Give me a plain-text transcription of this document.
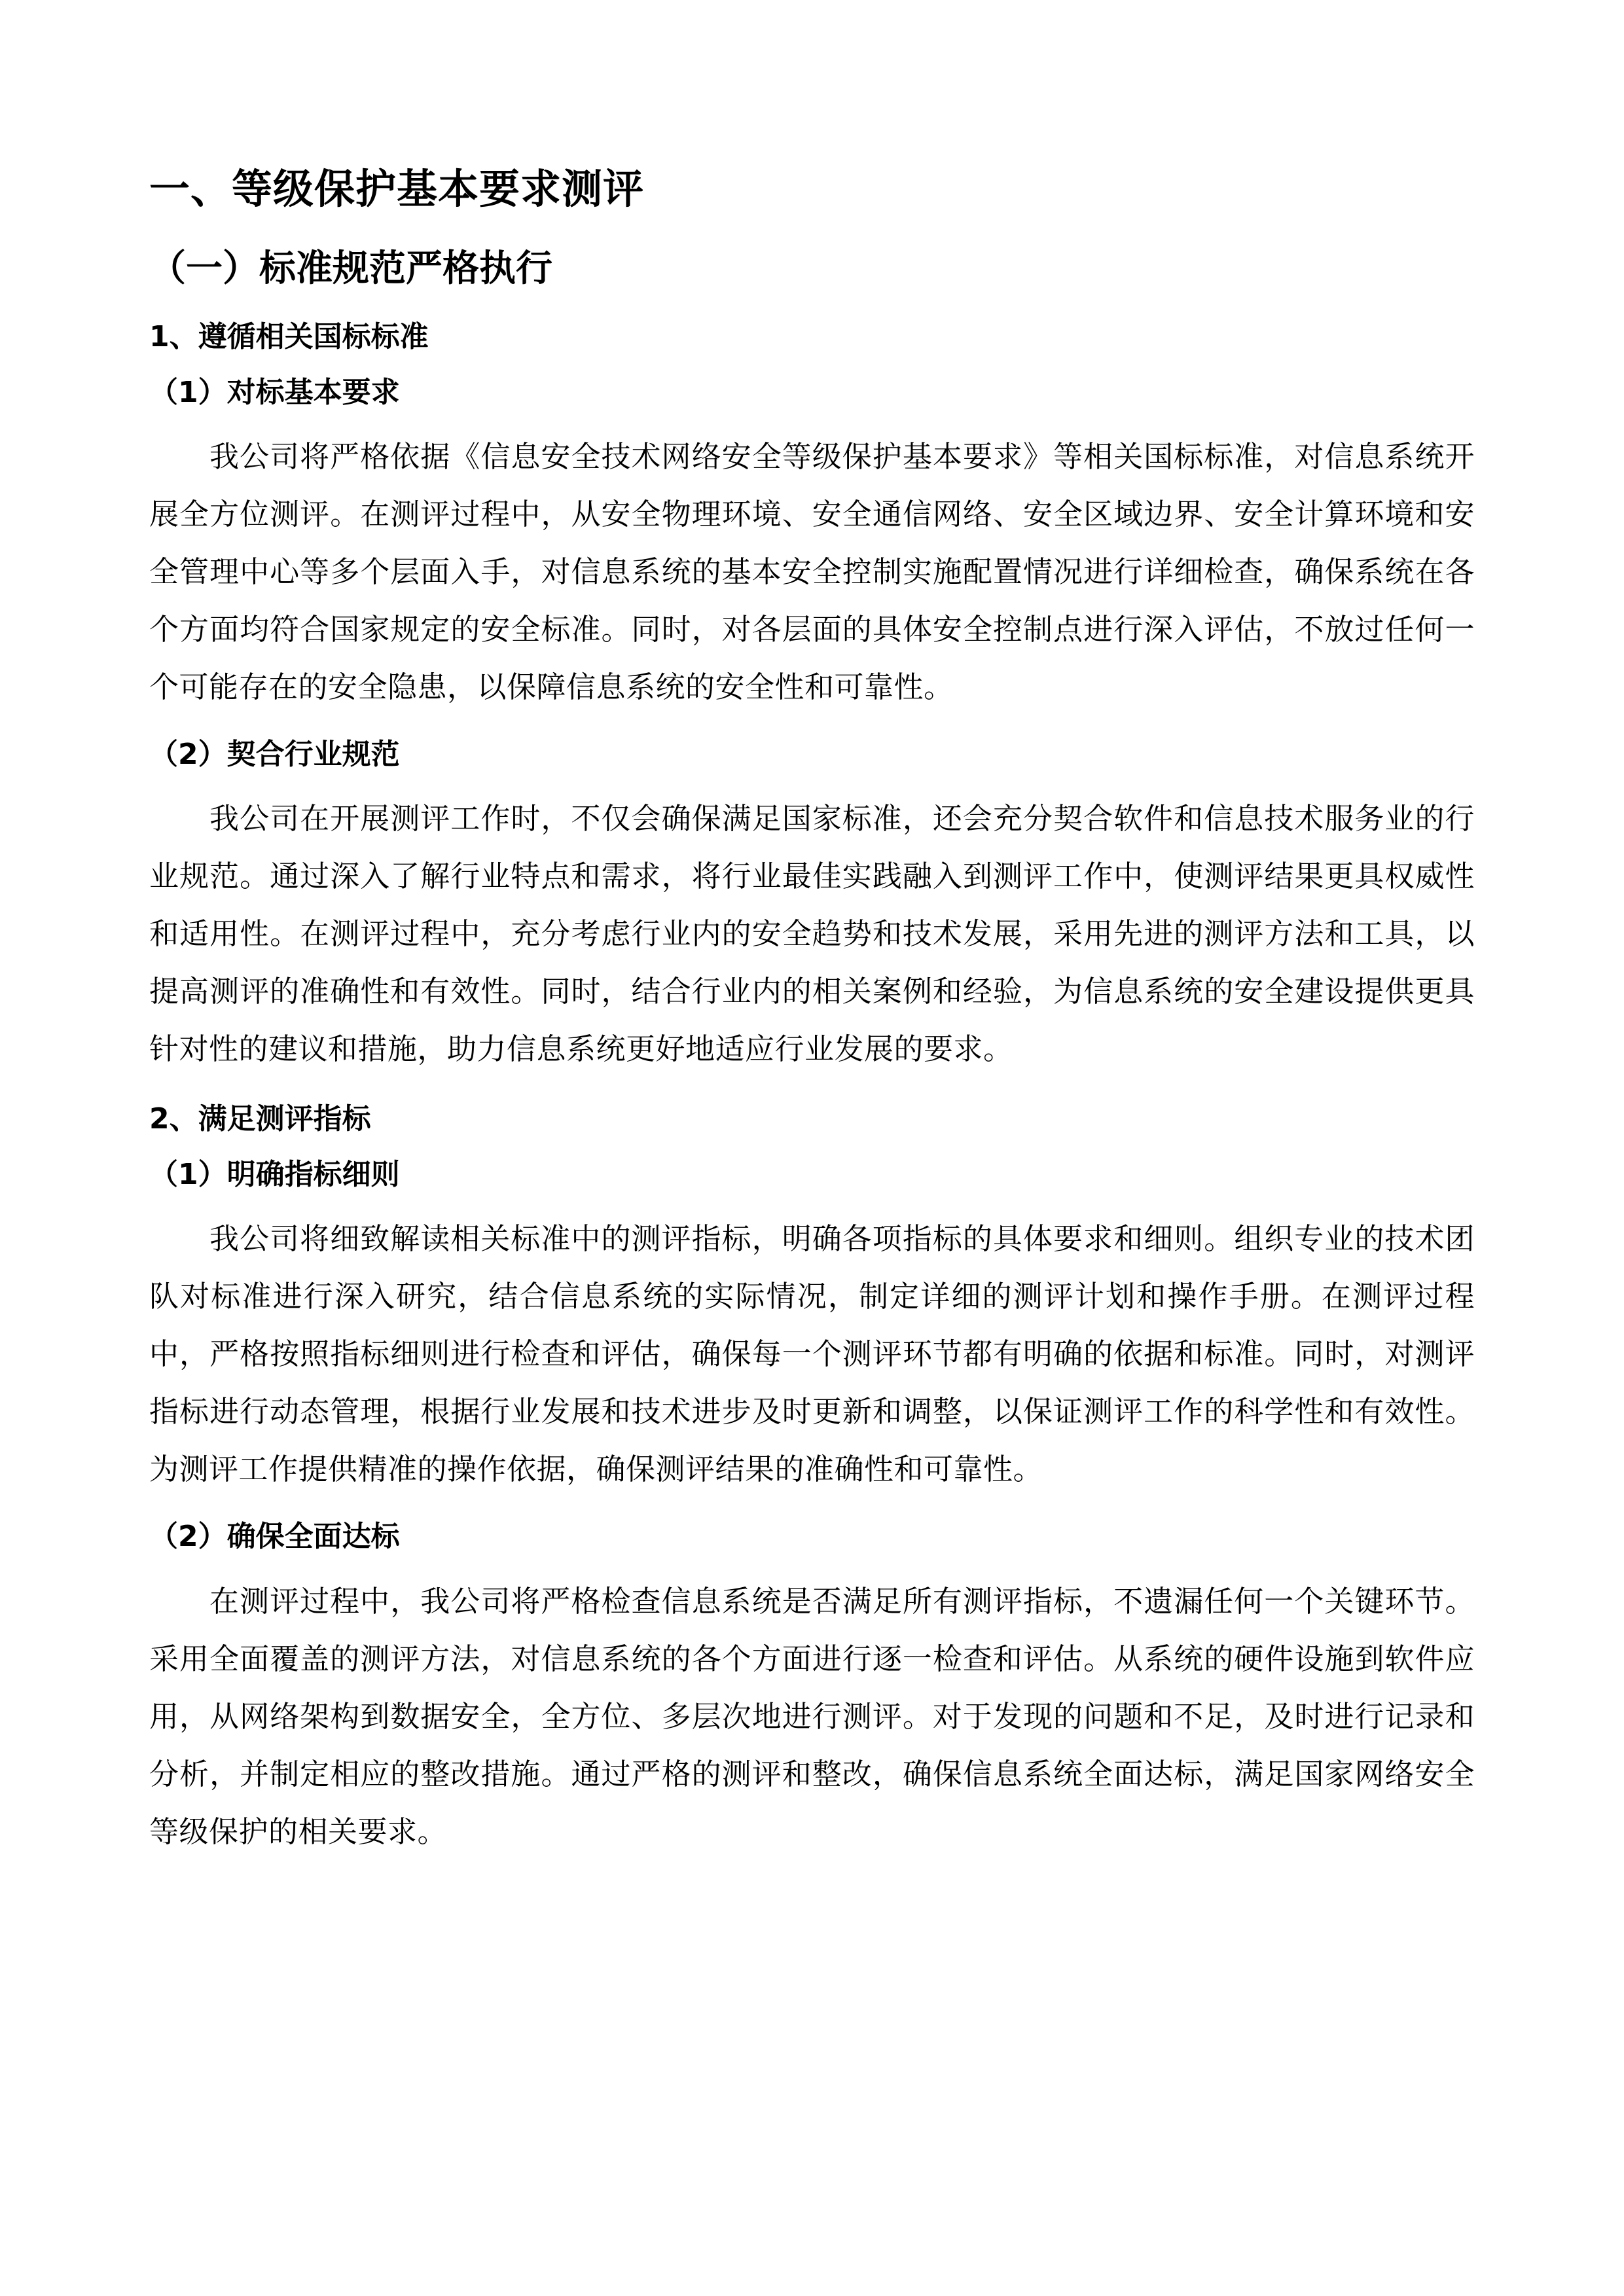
一、等级保护基本要求测评
（一）标准规范严格执行
1、遵循相关国标标准
（1）对标基本要求

我公司将严格依据《信息安全技术网络安全等级保护基本要求》等相关国标标准，对信息系统开展全方位测评。在测评过程中，从安全物理环境、安全通信网络、安全区域边界、安全计算环境和安全管理中心等多个层面入手，对信息系统的基本安全控制实施配置情况进行详细检查，确保系统在各个方面均符合国家规定的安全标准。同时，对各层面的具体安全控制点进行深入评估，不放过任何一个可能存在的安全隐患，以保障信息系统的安全性和可靠性。

（2）契合行业规范

我公司在开展测评工作时，不仅会确保满足国家标准，还会充分契合软件和信息技术服务业的行业规范。通过深入了解行业特点和需求，将行业最佳实践融入到测评工作中，使测评结果更具权威性和适用性。在测评过程中，充分考虑行业内的安全趋势和技术发展，采用先进的测评方法和工具，以提高测评的准确性和有效性。同时，结合行业内的相关案例和经验，为信息系统的安全建设提供更具针对性的建议和措施，助力信息系统更好地适应行业发展的要求。

2、满足测评指标
（1）明确指标细则

我公司将细致解读相关标准中的测评指标，明确各项指标的具体要求和细则。组织专业的技术团队对标准进行深入研究，结合信息系统的实际情况，制定详细的测评计划和操作手册。在测评过程中，严格按照指标细则进行检查和评估，确保每一个测评环节都有明确的依据和标准。同时，对测评指标进行动态管理，根据行业发展和技术进步及时更新和调整，以保证测评工作的科学性和有效性。为测评工作提供精准的操作依据，确保测评结果的准确性和可靠性。

（2）确保全面达标

在测评过程中，我公司将严格检查信息系统是否满足所有测评指标，不遗漏任何一个关键环节。采用全面覆盖的测评方法，对信息系统的各个方面进行逐一检查和评估。从系统的硬件设施到软件应用，从网络架构到数据安全，全方位、多层次地进行测评。对于发现的问题和不足，及时进行记录和分析，并制定相应的整改措施。通过严格的测评和整改，确保信息系统全面达标，满足国家网络安全等级保护的相关要求。
